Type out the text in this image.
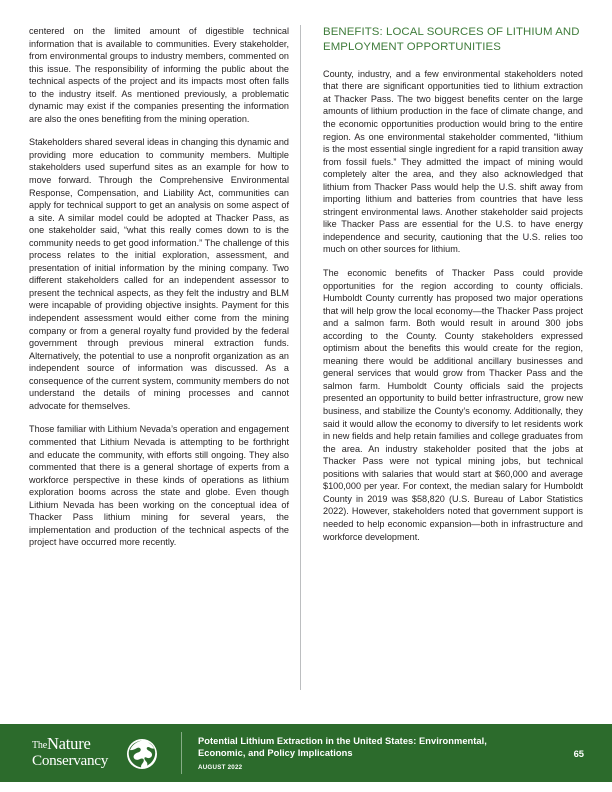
centered on the limited amount of digestible technical information that is available to communities. Every stakeholder, from environmental groups to industry members, commented on this issue. The responsibility of informing the public about the technical aspects of the project and its impacts most often falls to the industry itself. As mentioned previously, a problematic dynamic may exist if the companies presenting the information are also the ones benefiting from the mining operation.

Stakeholders shared several ideas in changing this dynamic and providing more education to community members. Multiple stakeholders used superfund sites as an example for how to move forward. Through the Comprehensive Environmental Response, Compensation, and Liability Act, communities can apply for technical support to get an analysis on some aspect of a site. A similar model could be adopted at Thacker Pass, as one stakeholder said, “what this really comes down to is the community needs to get good information.” The challenge of this process relates to the initial exploration, assessment, and presentation of initial information by the mining company. Two different stakeholders called for an independent assessor to present the technical aspects, as they felt the industry and BLM were incapable of providing objective insights. Payment for this independent assessment would either come from the mining company or from a general royalty fund provided by the federal government through previous mineral extraction funds. Alternatively, the potential to use a nonprofit organization as an independent source of information was discussed. As a consequence of the current system, community members do not understand the details of mining processes and cannot advocate for themselves.

Those familiar with Lithium Nevada’s operation and engagement commented that Lithium Nevada is attempting to be forthright and educate the community, with efforts still ongoing. They also commented that there is a general shortage of experts from a workforce perspective in these kinds of operations as lithium exploration booms across the state and globe. Even though Lithium Nevada has been working on the conceptual idea of Thacker Pass lithium mining for several years, the implementation and production of the technical aspects of the project have occurred more recently.

BENEFITS: LOCAL SOURCES OF LITHIUM AND EMPLOYMENT OPPORTUNITIES

County, industry, and a few environmental stakeholders noted that there are significant opportunities tied to lithium extraction at Thacker Pass. The two biggest benefits center on the large amounts of lithium production in the face of climate change, and the economic opportunities production would bring to the entire region. As one environmental stakeholder commented, “lithium is the most essential single ingredient for a rapid transition away from fossil fuels.” They admitted the impact of mining would completely alter the area, and they also acknowledged that lithium from Thacker Pass would help the U.S. shift away from importing lithium and batteries from countries that have less stringent environmental laws. Another stakeholder said projects like Thacker Pass are essential for the U.S. to have energy independence and security, cautioning that the U.S. relies too much on other sources for lithium.

The economic benefits of Thacker Pass could provide opportunities for the region according to county officials. Humboldt County currently has proposed two major operations that will help grow the local economy—the Thacker Pass project and a salmon farm. Both would result in around 300 jobs according to the County. County stakeholders expressed optimism about the benefits this would create for the region, meaning there would be additional ancillary businesses and general services that would grow from Thacker Pass and the salmon farm. Humboldt County officials said the projects presented an opportunity to build better infrastructure, grow new business, and stabilize the County’s economy. Additionally, they said it would allow the economy to diversify to let residents work in new fields and help retain families and college graduates from the area. An industry stakeholder posited that the jobs at Thacker Pass were not typical mining jobs, but technical positions with salaries that would start at $60,000 and average $100,000 per year. For context, the median salary for Humboldt County in 2019 was $58,820 (U.S. Bureau of Labor Statistics 2022). However, stakeholders noted that government support is needed to help economic expansion—both in infrastructure and workforce development.

TheNature
Conservancy
Potential Lithium Extraction in the United States: Environmental, Economic, and Policy Implications
AUGUST 2022
65
